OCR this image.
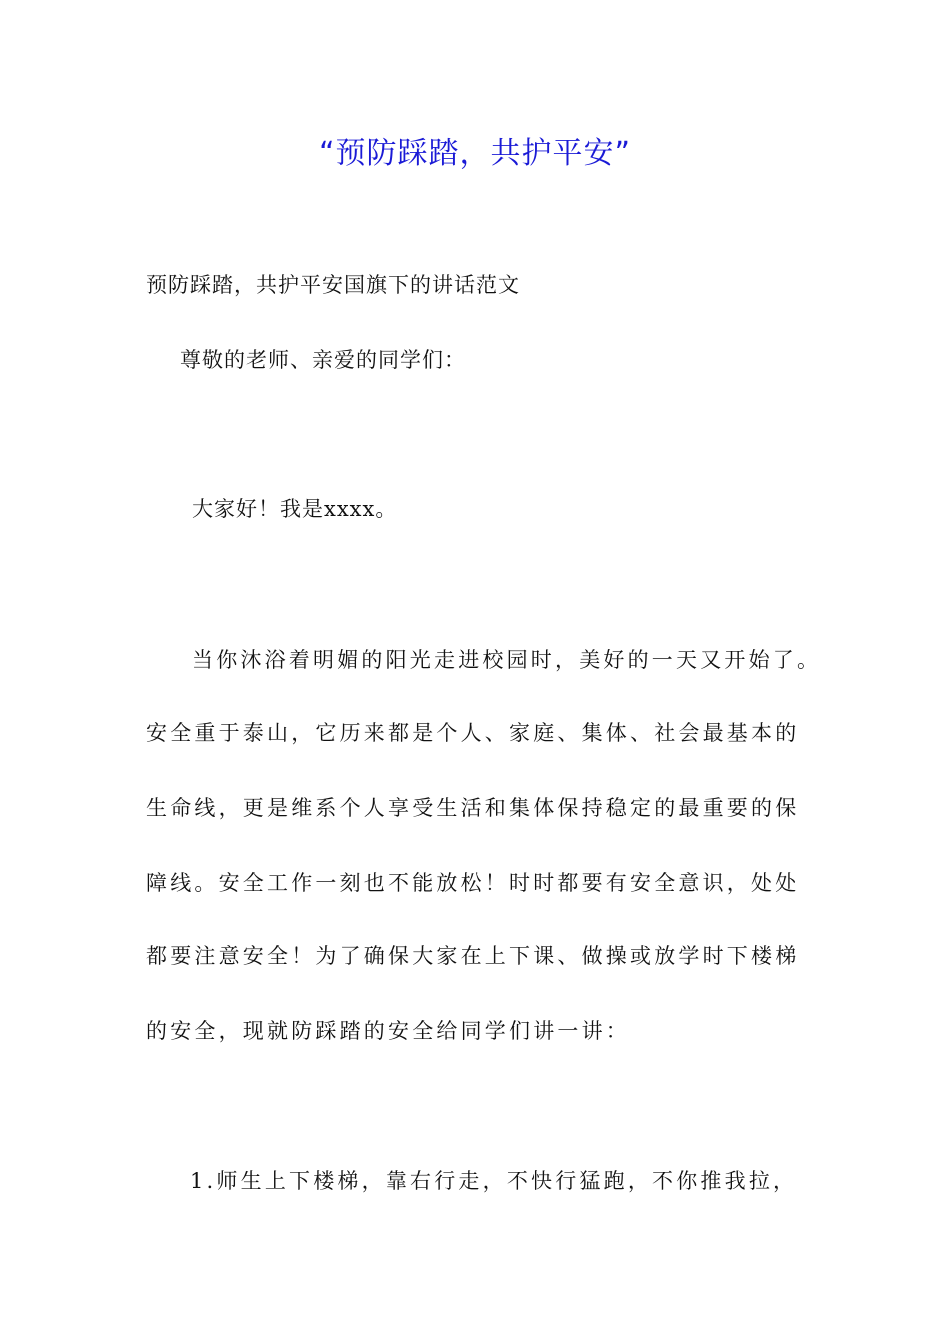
“预防踩踏，共护平安”
预防踩踏，共护平安国旗下的讲话范文
尊敬的老师、亲爱的同学们：
大家好！我是xxxx。
当你沐浴着明媚的阳光走进校园时，美好的一天又开始了。
安全重于泰山，它历来都是个人、家庭、集体、社会最基本的
生命线，更是维系个人享受生活和集体保持稳定的最重要的保
障线。安全工作一刻也不能放松！时时都要有安全意识，处处
都要注意安全！为了确保大家在上下课、做操或放学时下楼梯
的安全，现就防踩踏的安全给同学们讲一讲：
1.师生上下楼梯，靠右行走，不快行猛跑，不你推我拉，
